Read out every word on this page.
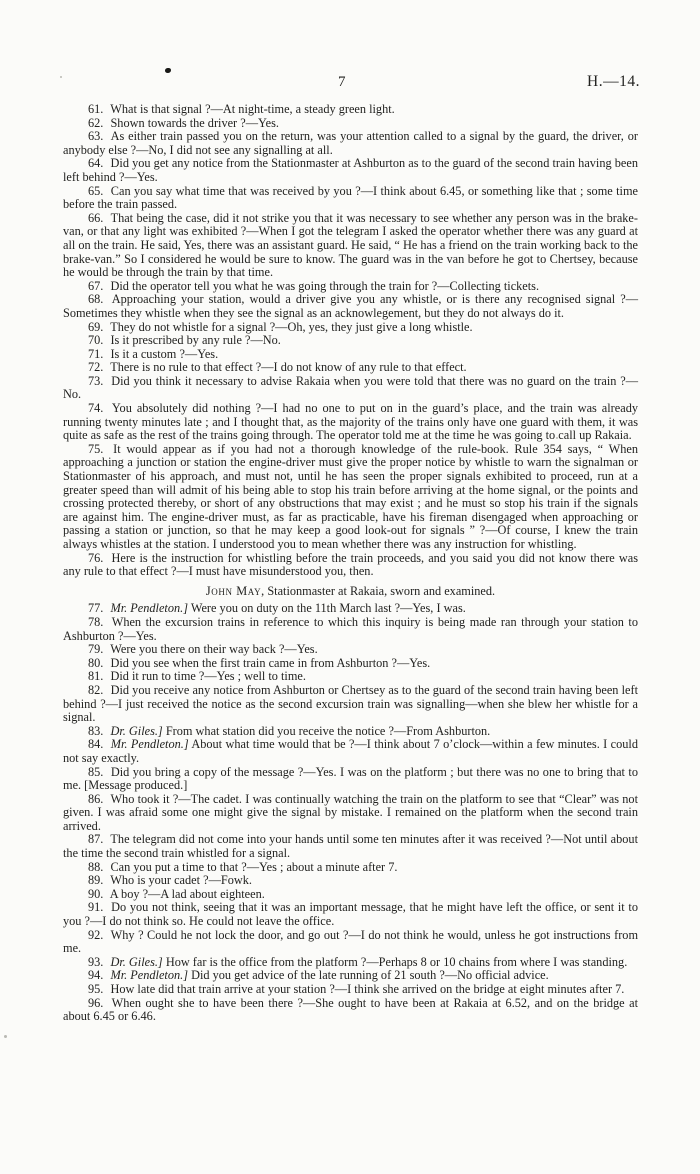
7	H.—14.

61. What is that signal ?—At night-time, a steady green light.

62. Shown towards the driver ?—Yes.

63. As either train passed you on the return, was your attention called to a signal by the guard, the driver, or anybody else ?—No, I did not see any signalling at all.

64. Did you get any notice from the Stationmaster at Ashburton as to the guard of the second train having been left behind ?—Yes.

65. Can you say what time that was received by you ?—I think about 6.45, or something like that ; some time before the train passed.

66. That being the case, did it not strike you that it was necessary to see whether any person was in the brake-van, or that any light was exhibited ?—When I got the telegram I asked the operator whether there was any guard at all on the train. He said, Yes, there was an assistant guard. He said, “ He has a friend on the train working back to the brake-van.” So I considered he would be sure to know. The guard was in the van before he got to Chertsey, because he would be through the train by that time.

67. Did the operator tell you what he was going through the train for ?—Collecting tickets.

68. Approaching your station, would a driver give you any whistle, or is there any recognised signal ?—Sometimes they whistle when they see the signal as an acknowlegement, but they do not always do it.

69. They do not whistle for a signal ?—Oh, yes, they just give a long whistle.

70. Is it prescribed by any rule ?—No.

71. Is it a custom ?—Yes.

72. There is no rule to that effect ?—I do not know of any rule to that effect.

73. Did you think it necessary to advise Rakaia when you were told that there was no guard on the train ?—No.

74. You absolutely did nothing ?—I had no one to put on in the guard’s place, and the train was already running twenty minutes late ; and I thought that, as the majority of the trains only have one guard with them, it was quite as safe as the rest of the trains going through. The operator told me at the time he was going to call up Rakaia.

75. It would appear as if you had not a thorough knowledge of the rule-book. Rule 354 says, “ When approaching a junction or station the engine-driver must give the proper notice by whistle to warn the signalman or Stationmaster of his approach, and must not, until he has seen the proper signals exhibited to proceed, run at a greater speed than will admit of his being able to stop his train before arriving at the home signal, or the points and crossing protected thereby, or short of any obstructions that may exist ; and he must so stop his train if the signals are against him. The engine-driver must, as far as practicable, have his fireman disengaged when approaching or passing a station or junction, so that he may keep a good look-out for signals ” ?—Of course, I knew the train always whistles at the station. I understood you to mean whether there was any instruction for whistling.

76. Here is the instruction for whistling before the train proceeds, and you said you did not know there was any rule to that effect ?—I must have misunderstood you, then.

John May, Stationmaster at Rakaia, sworn and examined.

77. Mr. Pendleton.] Were you on duty on the 11th March last ?—Yes, I was.

78. When the excursion trains in reference to which this inquiry is being made ran through your station to Ashburton ?—Yes.

79. Were you there on their way back ?—Yes.

80. Did you see when the first train came in from Ashburton ?—Yes.

81. Did it run to time ?—Yes ; well to time.

82. Did you receive any notice from Ashburton or Chertsey as to the guard of the second train having been left behind ?—I just received the notice as the second excursion train was signalling—when she blew her whistle for a signal.

83. Dr. Giles.] From what station did you receive the notice ?—From Ashburton.

84. Mr. Pendleton.] About what time would that be ?—I think about 7 o’clock—within a few minutes. I could not say exactly.

85. Did you bring a copy of the message ?—Yes. I was on the platform ; but there was no one to bring that to me. [Message produced.]

86. Who took it ?—The cadet. I was continually watching the train on the platform to see that “Clear” was not given. I was afraid some one might give the signal by mistake. I remained on the platform when the second train arrived.

87. The telegram did not come into your hands until some ten minutes after it was received ?—Not until about the time the second train whistled for a signal.

88. Can you put a time to that ?—Yes ; about a minute after 7.

89. Who is your cadet ?—Fowk.

90. A boy ?—A lad about eighteen.

91. Do you not think, seeing that it was an important message, that he might have left the office, or sent it to you ?—I do not think so. He could not leave the office.

92. Why ? Could he not lock the door, and go out ?—I do not think he would, unless he got instructions from me.

93. Dr. Giles.] How far is the office from the platform ?—Perhaps 8 or 10 chains from where I was standing.

94. Mr. Pendleton.] Did you get advice of the late running of 21 south ?—No official advice.

95. How late did that train arrive at your station ?—I think she arrived on the bridge at eight minutes after 7.

96. When ought she to have been there ?—She ought to have been at Rakaia at 6.52, and on the bridge at about 6.45 or 6.46.
